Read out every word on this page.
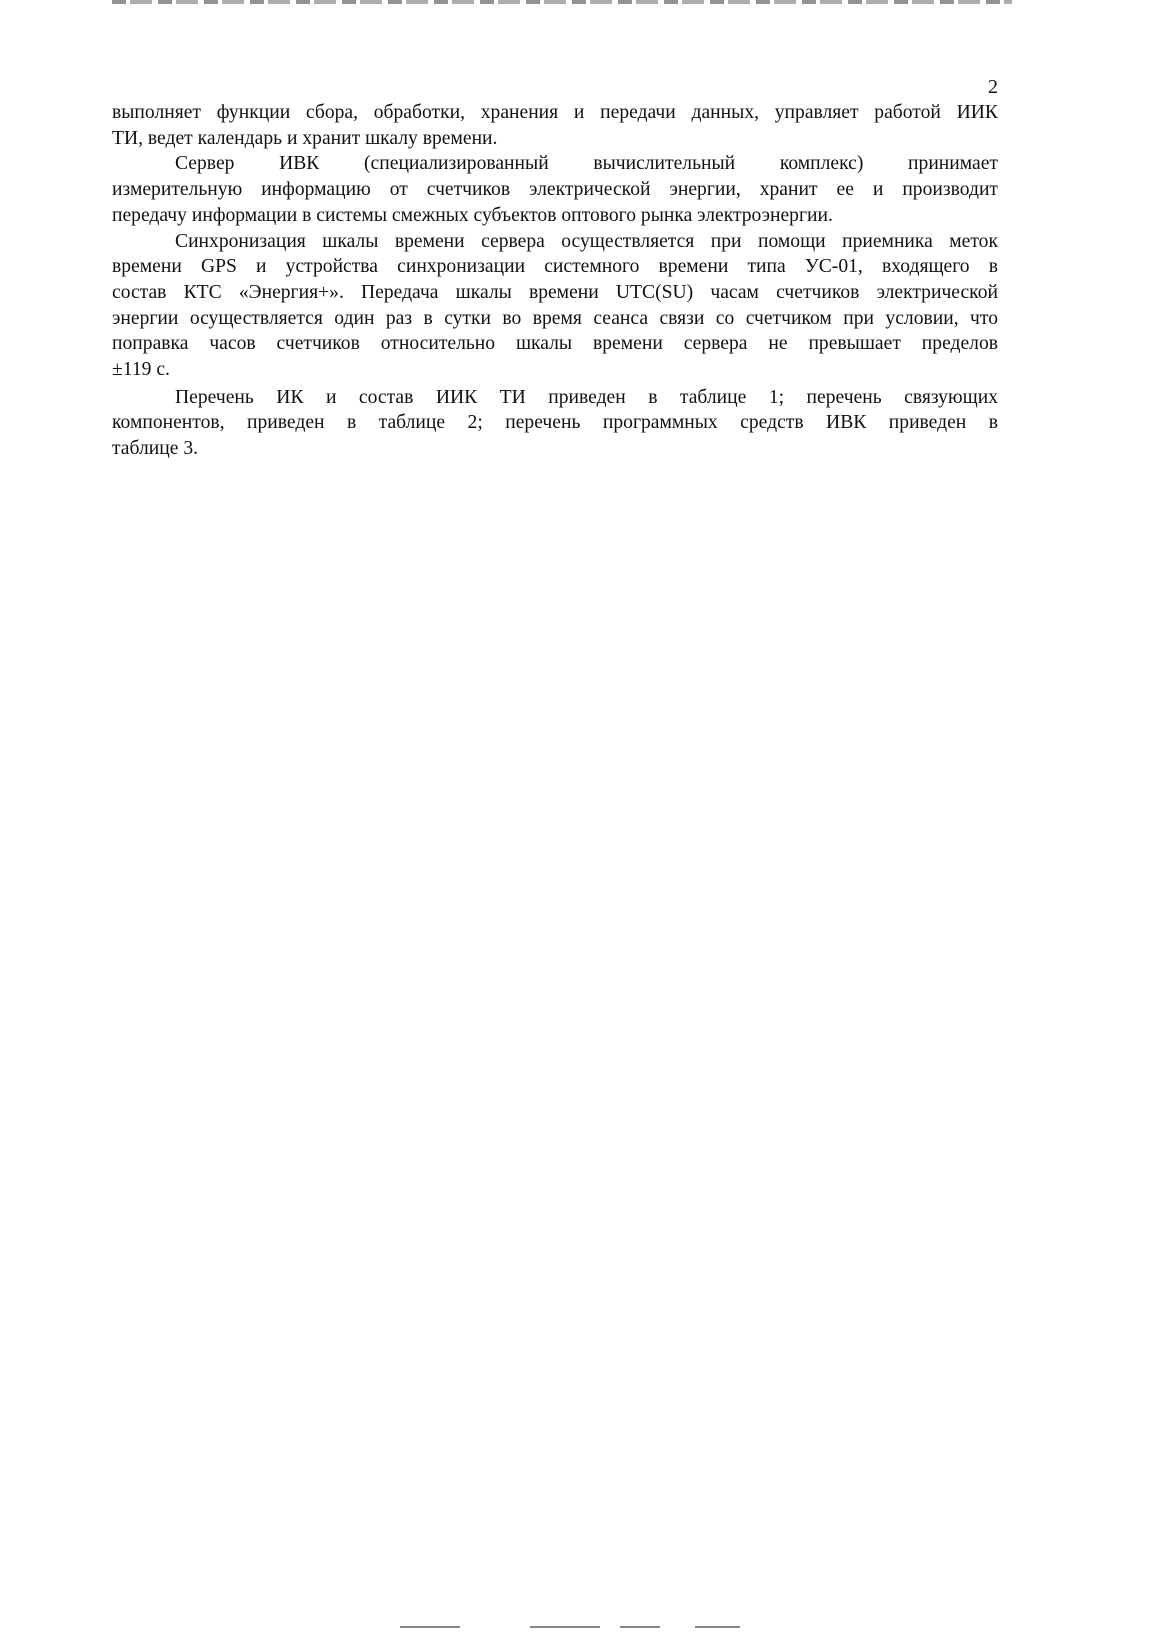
2
выполняет функции сбора, обработки, хранения и передачи данных, управляет работой ИИК
ТИ, ведет календарь и хранит шкалу времени.
Сервер ИВК (специализированный вычислительный комплекс) принимает
измерительную информацию от счетчиков электрической энергии, хранит ее и производит
передачу информации в системы смежных субъектов оптового рынка электроэнергии.
Синхронизация шкалы времени сервера осуществляется при помощи приемника меток
времени GPS и устройства синхронизации системного времени типа УС-01, входящего в
состав КТС «Энергия+». Передача шкалы времени UTC(SU) часам счетчиков электрической
энергии осуществляется один раз в сутки во время сеанса связи со счетчиком при условии, что
поправка часов счетчиков относительно шкалы времени сервера не превышает пределов
±119 с.
Перечень ИК и состав ИИК ТИ приведен в таблице 1; перечень связующих
компонентов, приведен в таблице 2; перечень программных средств ИВК приведен в
таблице 3.
